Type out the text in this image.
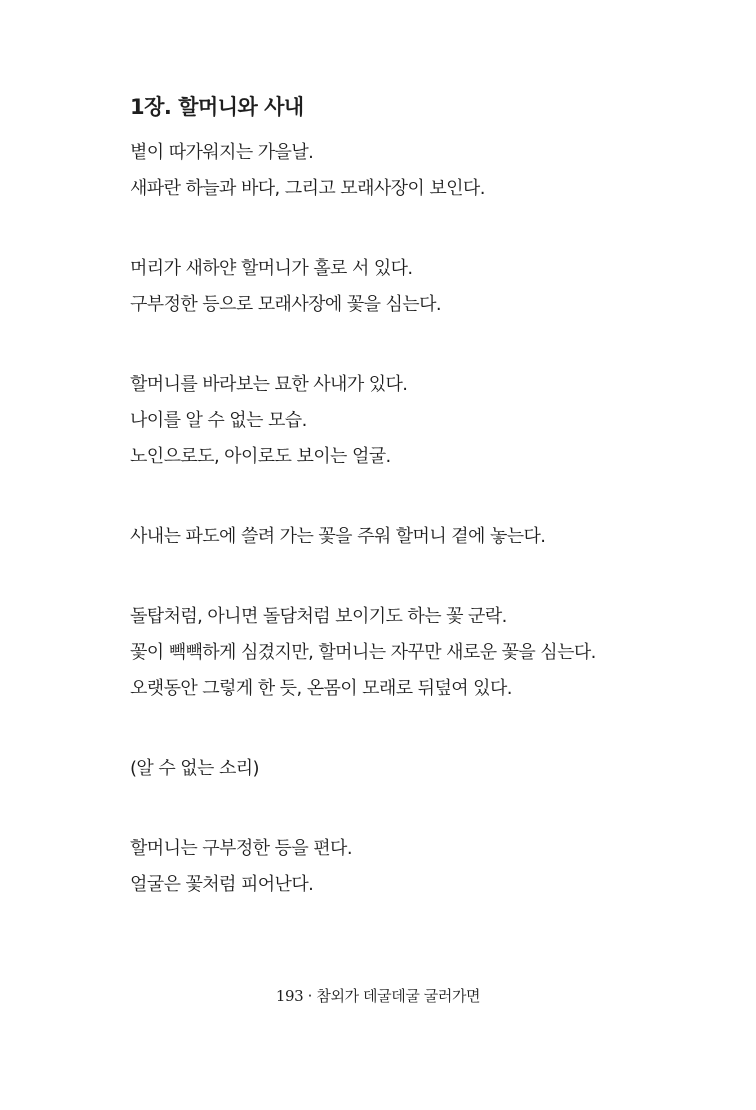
1장. 할머니와 사내
볕이 따가워지는 가을날.
새파란 하늘과 바다, 그리고 모래사장이 보인다.
머리가 새하얀 할머니가 홀로 서 있다.
구부정한 등으로 모래사장에 꽃을 심는다.
할머니를 바라보는 묘한 사내가 있다.
나이를 알 수 없는 모습.
노인으로도, 아이로도 보이는 얼굴.
사내는 파도에 쓸려 가는 꽃을 주워 할머니 곁에 놓는다.
돌탑처럼, 아니면 돌담처럼 보이기도 하는 꽃 군락.
꽃이 빽빽하게 심겼지만, 할머니는 자꾸만 새로운 꽃을 심는다.
오랫동안 그렇게 한 듯, 온몸이 모래로 뒤덮여 있다.
(알 수 없는 소리)
할머니는 구부정한 등을 편다.
얼굴은 꽃처럼 피어난다.
193 · 참외가 데굴데굴 굴러가면
